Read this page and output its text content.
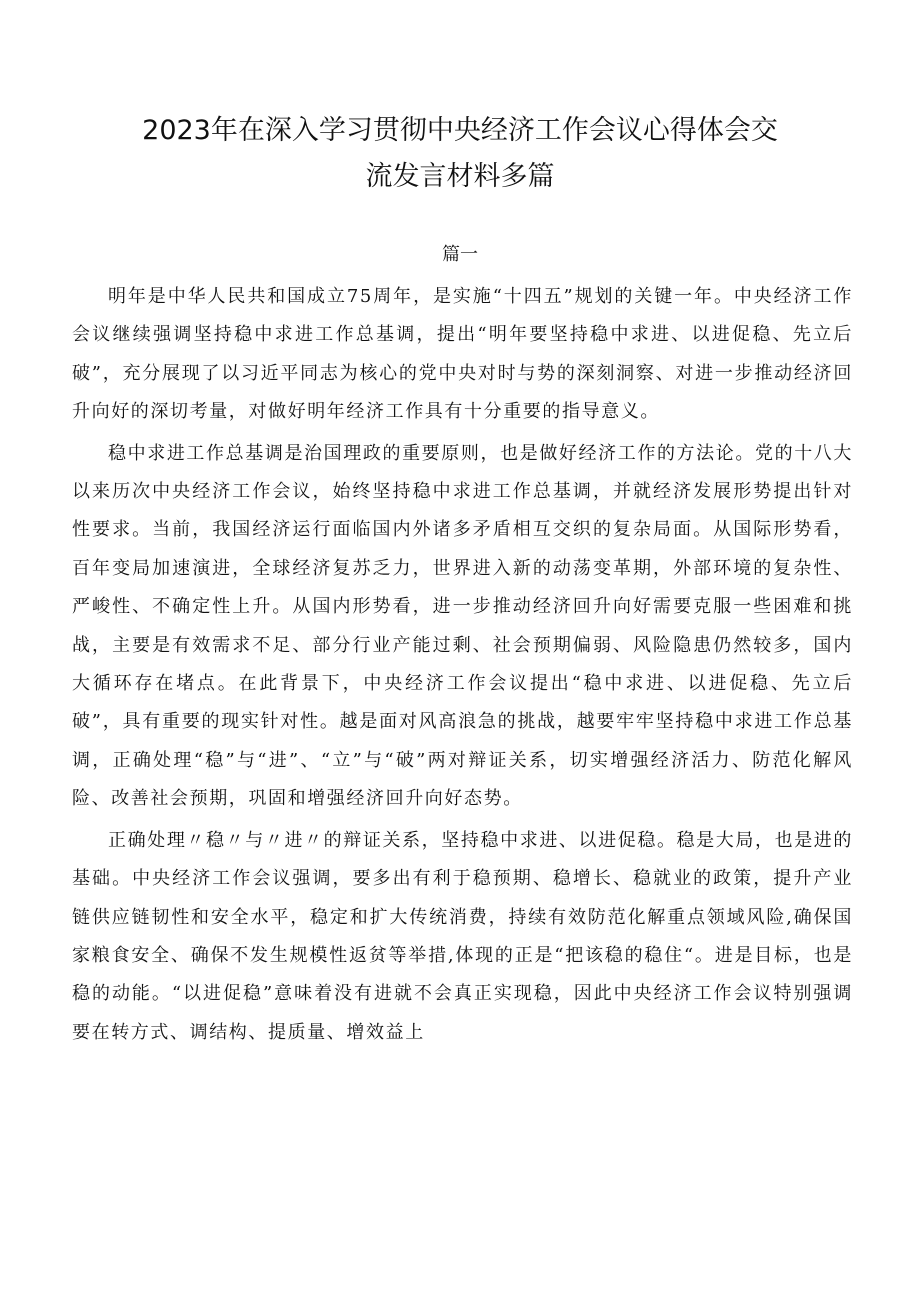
2023年在深入学习贯彻中央经济工作会议心得体会交
流发言材料多篇
篇一

明年是中华人民共和国成立75周年，是实施“十四五”规划的关键一年。中央经济工作会议继续强调坚持稳中求进工作总基调，提出“明年要坚持稳中求进、以进促稳、先立后破”，充分展现了以习近平同志为核心的党中央对时与势的深刻洞察、对进一步推动经济回升向好的深切考量，对做好明年经济工作具有十分重要的指导意义。

稳中求进工作总基调是治国理政的重要原则，也是做好经济工作的方法论。党的十八大以来历次中央经济工作会议，始终坚持稳中求进工作总基调，并就经济发展形势提出针对性要求。当前，我国经济运行面临国内外诸多矛盾相互交织的复杂局面。从国际形势看，百年变局加速演进，全球经济复苏乏力，世界进入新的动荡变革期，外部环境的复杂性、严峻性、不确定性上升。从国内形势看，进一步推动经济回升向好需要克服一些困难和挑战，主要是有效需求不足、部分行业产能过剩、社会预期偏弱、风险隐患仍然较多，国内大循环存在堵点。在此背景下，中央经济工作会议提出“稳中求进、以进促稳、先立后破”，具有重要的现实针对性。越是面对风高浪急的挑战，越要牢牢坚持稳中求进工作总基调，正确处理“稳”与“进”、“立”与“破”两对辩证关系，切实增强经济活力、防范化解风险、改善社会预期，巩固和增强经济回升向好态势。

正确处理〃稳〃与〃进〃的辩证关系，坚持稳中求进、以进促稳。稳是大局，也是进的基础。中央经济工作会议强调，要多出有利于稳预期、稳增长、稳就业的政策，提升产业链供应链韧性和安全水平，稳定和扩大传统消费，持续有效防范化解重点领域风险,确保国家粮食安全、确保不发生规模性返贫等举措,体现的正是“把该稳的稳住“。进是目标，也是稳的动能。“以进促稳”意味着没有进就不会真正实现稳，因此中央经济工作会议特别强调要在转方式、调结构、提质量、增效益上
